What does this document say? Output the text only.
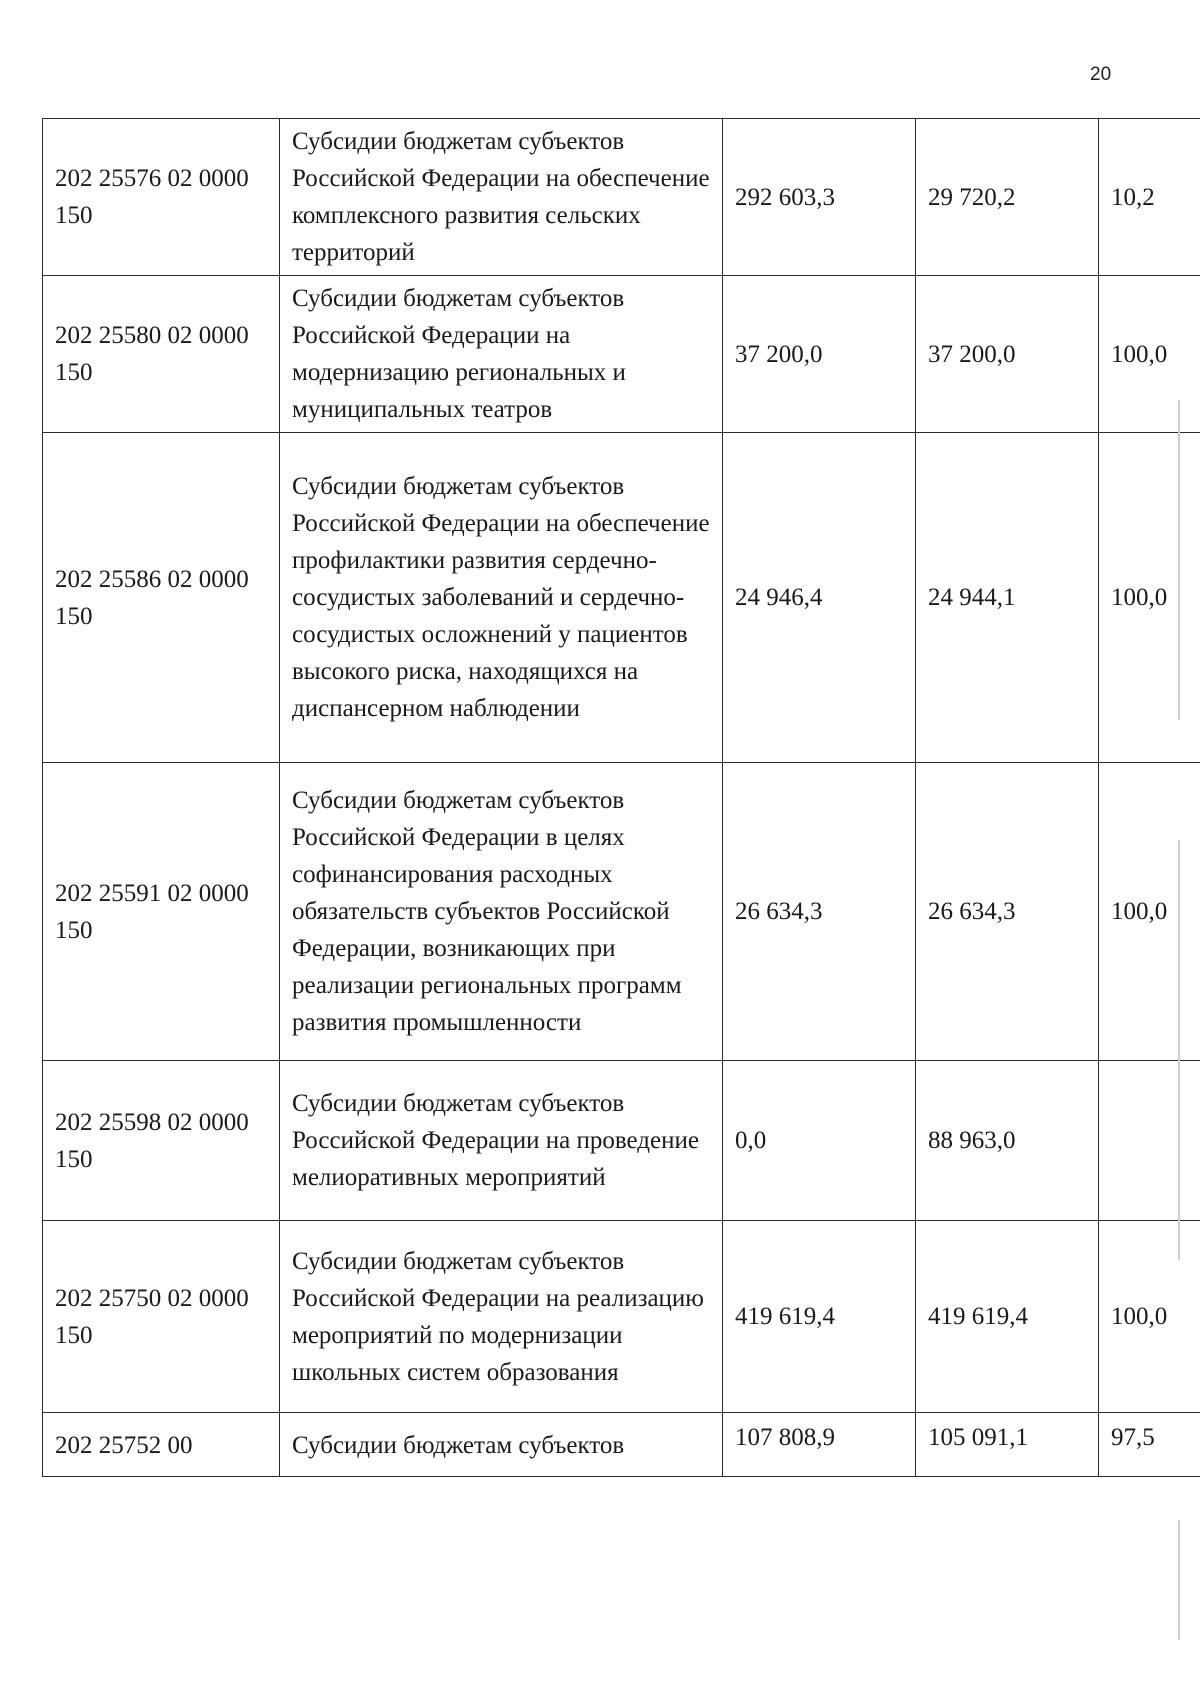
20
202 25576 02 0000 150	Субсидии бюджетам субъектов Российской Федерации на обеспечение комплексного развития сельских территорий	292 603,3	29 720,2	10,2
202 25580 02 0000 150	Субсидии бюджетам субъектов Российской Федерации на модернизацию региональных и муниципальных театров	37 200,0	37 200,0	100,0
202 25586 02 0000 150	Субсидии бюджетам субъектов Российской Федерации на обеспечение профилактики развития сердечно-сосудистых заболеваний и сердечно-сосудистых осложнений у пациентов высокого риска, находящихся на диспансерном наблюдении	24 946,4	24 944,1	100,0
202 25591 02 0000 150	Субсидии бюджетам субъектов Российской Федерации в целях софинансирования расходных обязательств субъектов Российской Федерации, возникающих при реализации региональных программ развития промышленности	26 634,3	26 634,3	100,0
202 25598 02 0000 150	Субсидии бюджетам субъектов Российской Федерации на проведение мелиоративных мероприятий	0,0	88 963,0	
202 25750 02 0000 150	Субсидии бюджетам субъектов Российской Федерации на реализацию мероприятий по модернизации школьных систем образования	419 619,4	419 619,4	100,0
202 25752 00	Субсидии бюджетам субъектов	107 808,9	105 091,1	97,5
